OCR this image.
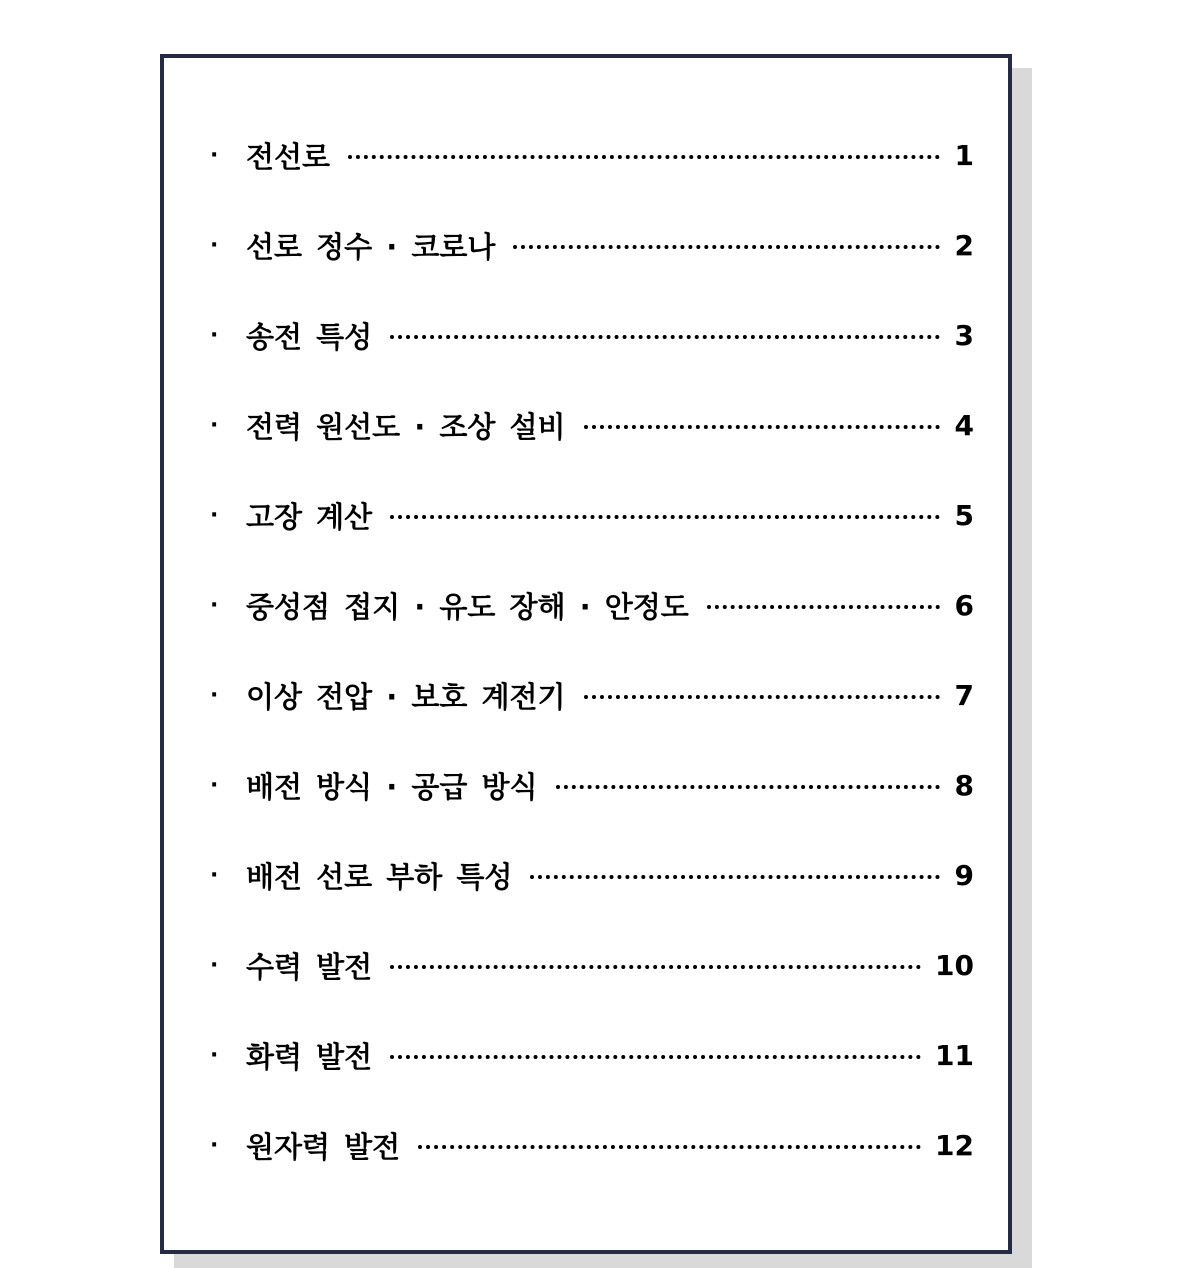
· 전선로	1
· 선로 정수 · 코로나	2
· 송전 특성	3
· 전력 원선도 · 조상 설비	4
· 고장 계산	5
· 중성점 접지 · 유도 장해 · 안정도	6
· 이상 전압 · 보호 계전기	7
· 배전 방식 · 공급 방식	8
· 배전 선로 부하 특성	9
· 수력 발전	10
· 화력 발전	11
· 원자력 발전	12
